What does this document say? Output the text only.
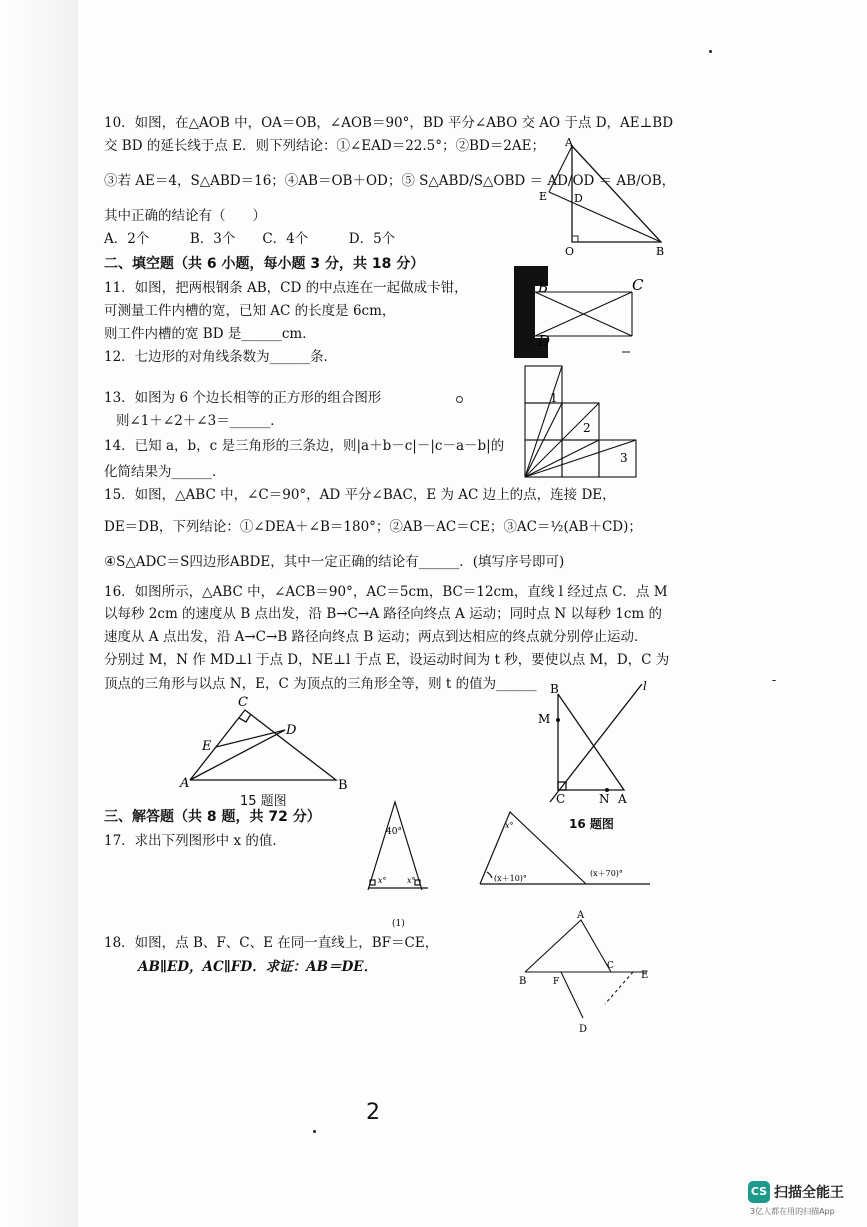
10．如图，在△AOB 中，OA＝OB，∠AOB＝90°，BD 平分∠ABO 交 AO 于点 D，AE⊥BD
交 BD 的延长线于点 E．则下列结论：①∠EAD＝22.5°；②BD＝2AE；
③若 AE＝4，S△ABD＝16；④AB＝OB＋OD；⑤ S△ABD/S△OBD ＝ AD/OD ＝ AB/OB，
其中正确的结论有（　　）
A．2个　　　B．3个　　C．4个　　　D．5个
A
E D
O	B
二、填空题（共 6 小题，每小题 3 分，共 18 分）
11．如图，把两根钢条 AB，CD 的中点连在一起做成卡钳，
可测量工件内槽的宽，已知 AC 的长度是 6cm，
则工件内槽的宽 BD 是______cm．
B	C
D
12．七边形的对角线条数为______条．
13．如图为 6 个边长相等的正方形的组合图形
则∠1＋∠2＋∠3＝______．
1
2
3
14．已知 a，b，c 是三角形的三条边，则|a＋b－c|－|c－a－b|的
化简结果为______．
15．如图，△ABC 中，∠C＝90°，AD 平分∠BAC，E 为 AC 边上的点，连接 DE，
DE＝DB，下列结论：①∠DEA＋∠B＝180°；②AB－AC＝CE；③AC＝½(AB＋CD)；
④S△ADC＝S四边形ABDE，其中一定正确的结论有______．(填写序号即可)
16．如图所示，△ABC 中，∠ACB＝90°，AC＝5cm，BC＝12cm，直线 l 经过点 C．点 M
以每秒 2cm 的速度从 B 点出发，沿 B→C→A 路径向终点 A 运动；同时点 N 以每秒 1cm 的
速度从 A 点出发，沿 A→C→B 路径向终点 B 运动；两点到达相应的终点就分别停止运动．
分别过 M，N 作 MD⊥l 于点 D，NE⊥l 于点 E，设运动时间为 t 秒，要使以点 M，D，C 为
顶点的三角形与以点 N，E，C 为顶点的三角形全等，则 t 的值为______
C
D
E
A	B
15 题图
B	l
M
C	N A
16 题图
三、解答题（共 8 题，共 72 分）
17．求出下列图形中 x 的值．
40°
x°	x°
(1)
x°
(x＋10)°
(x＋70)°
18．如图，点 B、F、C、E 在同一直线上，BF＝CE，
AB∥ED，AC∥FD．求证：AB＝DE．
A
B	F
C
E
D
2
CS 扫描全能王
3亿人都在用的扫描App
